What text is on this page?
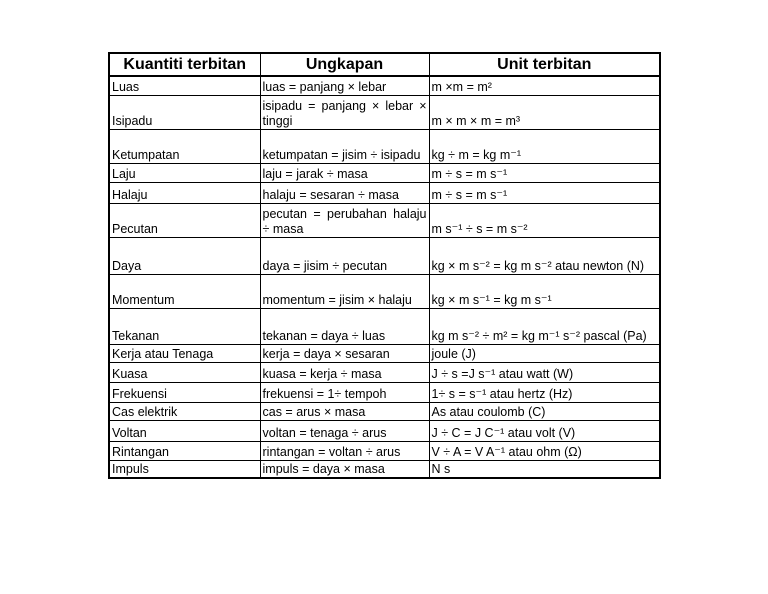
Kuantiti terbitan	Ungkapan	Unit terbitan
Luas	luas = panjang × lebar	m ×m = m²
Isipadu	isipadu = panjang × lebar × tinggi	m × m × m = m³
Ketumpatan	ketumpatan = jisim ÷ isipadu	kg ÷ m = kg m⁻¹
Laju	laju = jarak ÷ masa	m ÷ s = m s⁻¹
Halaju	halaju = sesaran ÷ masa	m ÷ s = m s⁻¹
Pecutan	pecutan = perubahan halaju ÷ masa	m s⁻¹ ÷ s = m s⁻²
Daya	daya = jisim ÷ pecutan	kg × m s⁻² = kg m s⁻² atau newton (N)
Momentum	momentum = jisim × halaju	kg × m s⁻¹ = kg m s⁻¹
Tekanan	tekanan = daya ÷ luas	kg m s⁻² ÷ m² = kg m⁻¹ s⁻² pascal (Pa)
Kerja atau Tenaga	kerja = daya × sesaran	joule (J)
Kuasa	kuasa = kerja ÷ masa	J ÷ s =J s⁻¹ atau watt (W)
Frekuensi	frekuensi = 1÷ tempoh	1÷ s = s⁻¹ atau hertz (Hz)
Cas elektrik	cas = arus × masa	As atau coulomb (C)
Voltan	voltan = tenaga ÷ arus	J ÷ C = J C⁻¹ atau volt (V)
Rintangan	rintangan = voltan ÷ arus	V ÷ A = V A⁻¹ atau ohm (Ω)
Impuls	impuls = daya × masa	N s
